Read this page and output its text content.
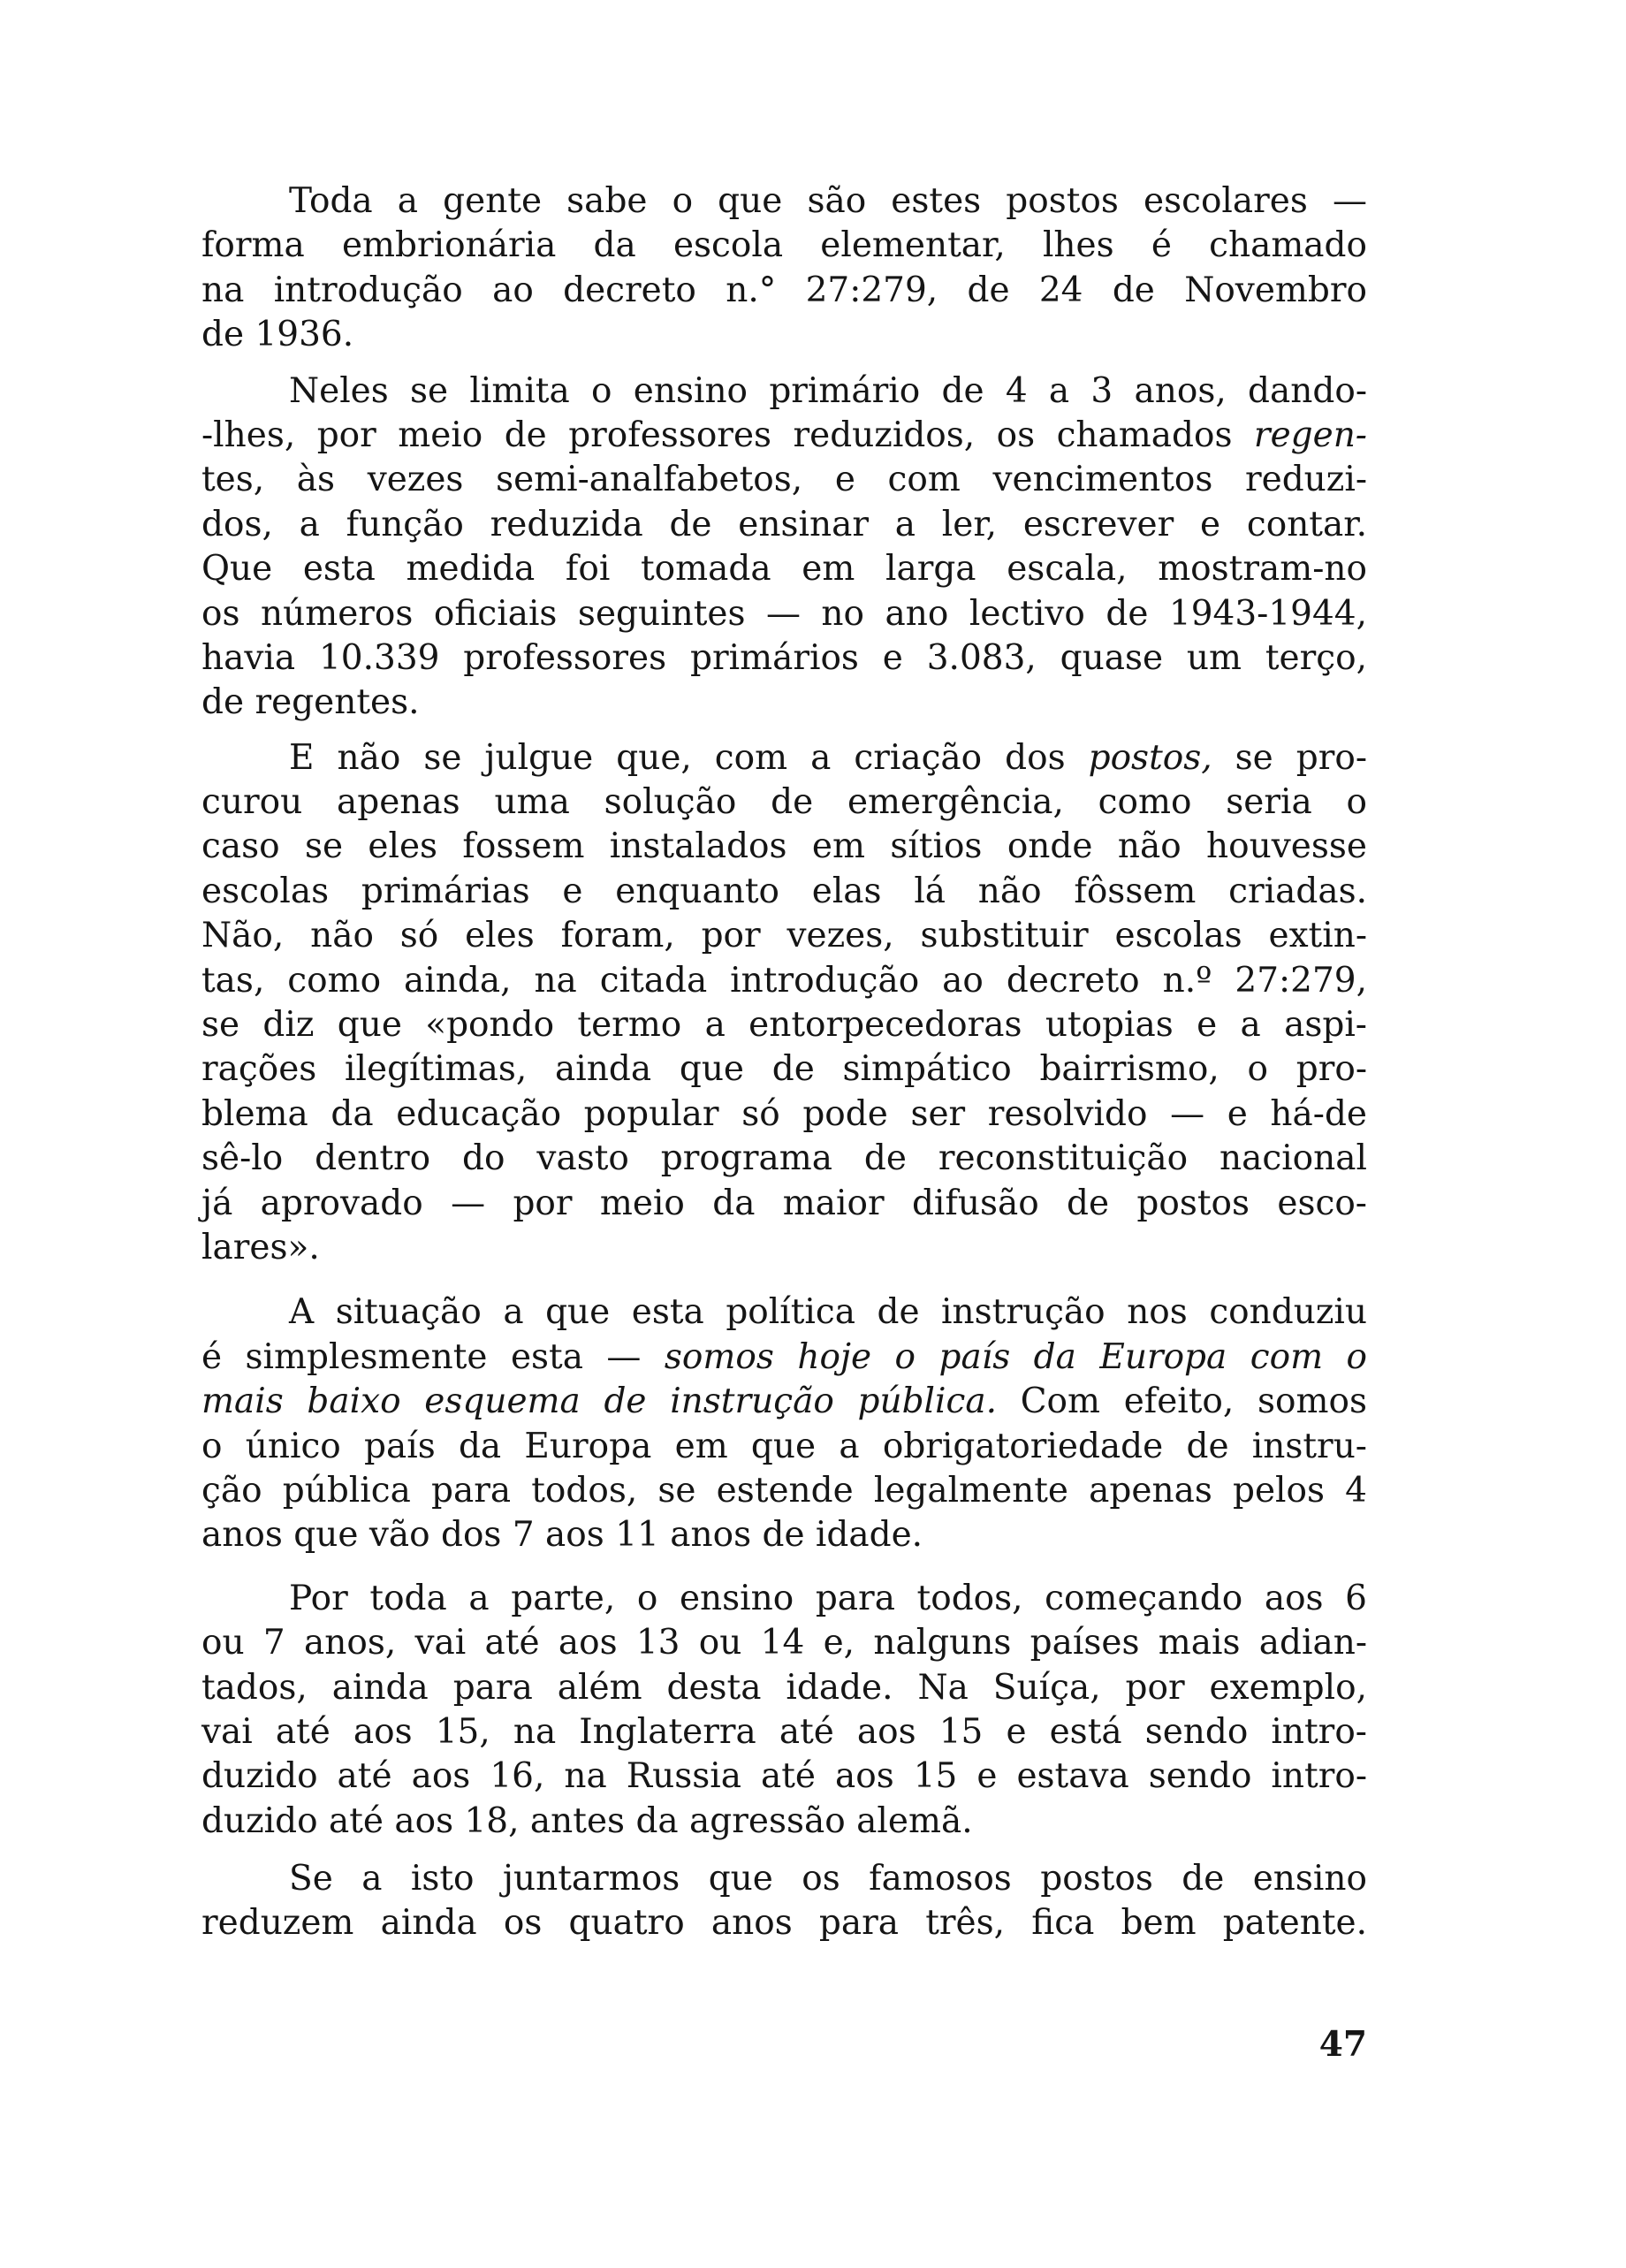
Toda a gente sabe o que são estes postos escolares —
forma embrionária da escola elementar, lhes é chamado
na introdução ao decreto n.° 27:279, de 24 de Novembro
de 1936.
Neles se limita o ensino primário de 4 a 3 anos, dando-
-lhes, por meio de professores reduzidos, os chamados regen-
tes, às vezes semi-analfabetos, e com vencimentos reduzi-
dos, a função reduzida de ensinar a ler, escrever e contar.
Que esta medida foi tomada em larga escala, mostram-no
os números oficiais seguintes — no ano lectivo de 1943-1944,
havia 10.339 professores primários e 3.083, quase um terço,
de regentes.
E não se julgue que, com a criação dos postos, se pro-
curou apenas uma solução de emergência, como seria o
caso se eles fossem instalados em sítios onde não houvesse
escolas primárias e enquanto elas lá não fôssem criadas.
Não, não só eles foram, por vezes, substituir escolas extin-
tas, como ainda, na citada introdução ao decreto n.º 27:279,
se diz que «pondo termo a entorpecedoras utopias e a aspi-
rações ilegítimas, ainda que de simpático bairrismo, o pro-
blema da educação popular só pode ser resolvido — e há-de
sê-lo dentro do vasto programa de reconstituição nacional
já aprovado — por meio da maior difusão de postos esco-
lares».
A situação a que esta política de instrução nos conduziu
é simplesmente esta — somos hoje o país da Europa com o
mais baixo esquema de instrução pública. Com efeito, somos
o único país da Europa em que a obrigatoriedade de instru-
ção pública para todos, se estende legalmente apenas pelos 4
anos que vão dos 7 aos 11 anos de idade.
Por toda a parte, o ensino para todos, começando aos 6
ou 7 anos, vai até aos 13 ou 14 e, nalguns países mais adian-
tados, ainda para além desta idade. Na Suíça, por exemplo,
vai até aos 15, na Inglaterra até aos 15 e está sendo intro-
duzido até aos 16, na Russia até aos 15 e estava sendo intro-
duzido até aos 18, antes da agressão alemã.
Se a isto juntarmos que os famosos postos de ensino
reduzem ainda os quatro anos para três, fica bem patente.
47
